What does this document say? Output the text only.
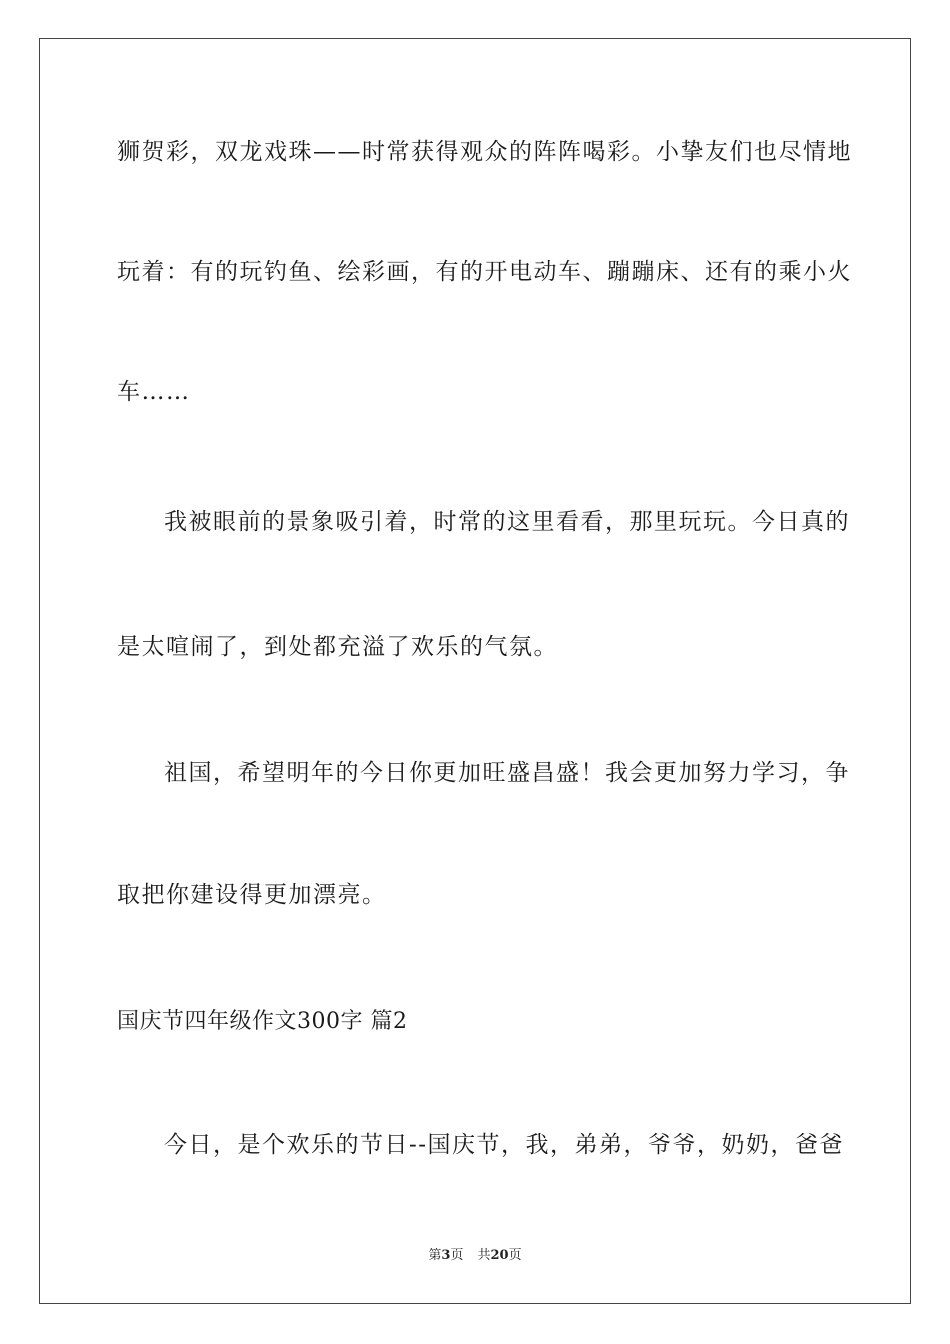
狮贺彩，双龙戏珠——时常获得观众的阵阵喝彩。小挚友们也尽情地
玩着：有的玩钓鱼、绘彩画，有的开电动车、蹦蹦床、还有的乘小火
车……
我被眼前的景象吸引着，时常的这里看看，那里玩玩。今日真的
是太喧闹了，到处都充溢了欢乐的气氛。
祖国，希望明年的今日你更加旺盛昌盛！我会更加努力学习，争
取把你建设得更加漂亮。
国庆节四年级作文300字 篇2
今日，是个欢乐的节日--国庆节，我，弟弟，爷爷，奶奶，爸爸
第3页 共20页
